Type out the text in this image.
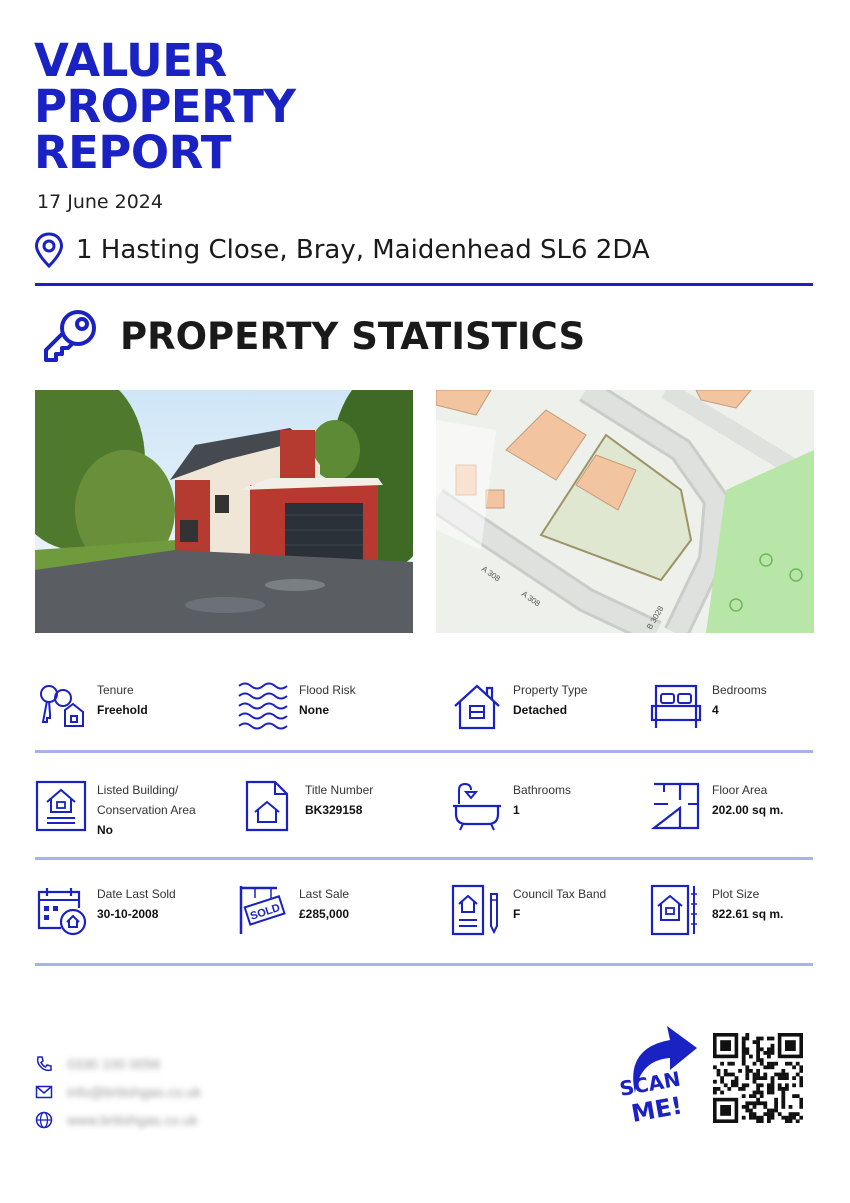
VALUER
PROPERTY
REPORT
17 June 2024
1 Hasting Close, Bray, Maidenhead SL6 2DA
PROPERTY STATISTICS
A 308
A 308
B 3028
Tenure
Freehold
Flood Risk
None
Property Type
Detached
Bedrooms
4
Listed Building/
Conservation Area
No
Title Number
BK329158
Bathrooms
1
Floor Area
202.00 sq m.
Date Last Sold
30-10-2008	SOLD
Last Sale
£285,000
Council Tax Band
F
Plot Size
822.61 sq m.
0330 100 0056
info@britishgas.co.uk
www.britishgas.co.uk
SCAN
ME!
